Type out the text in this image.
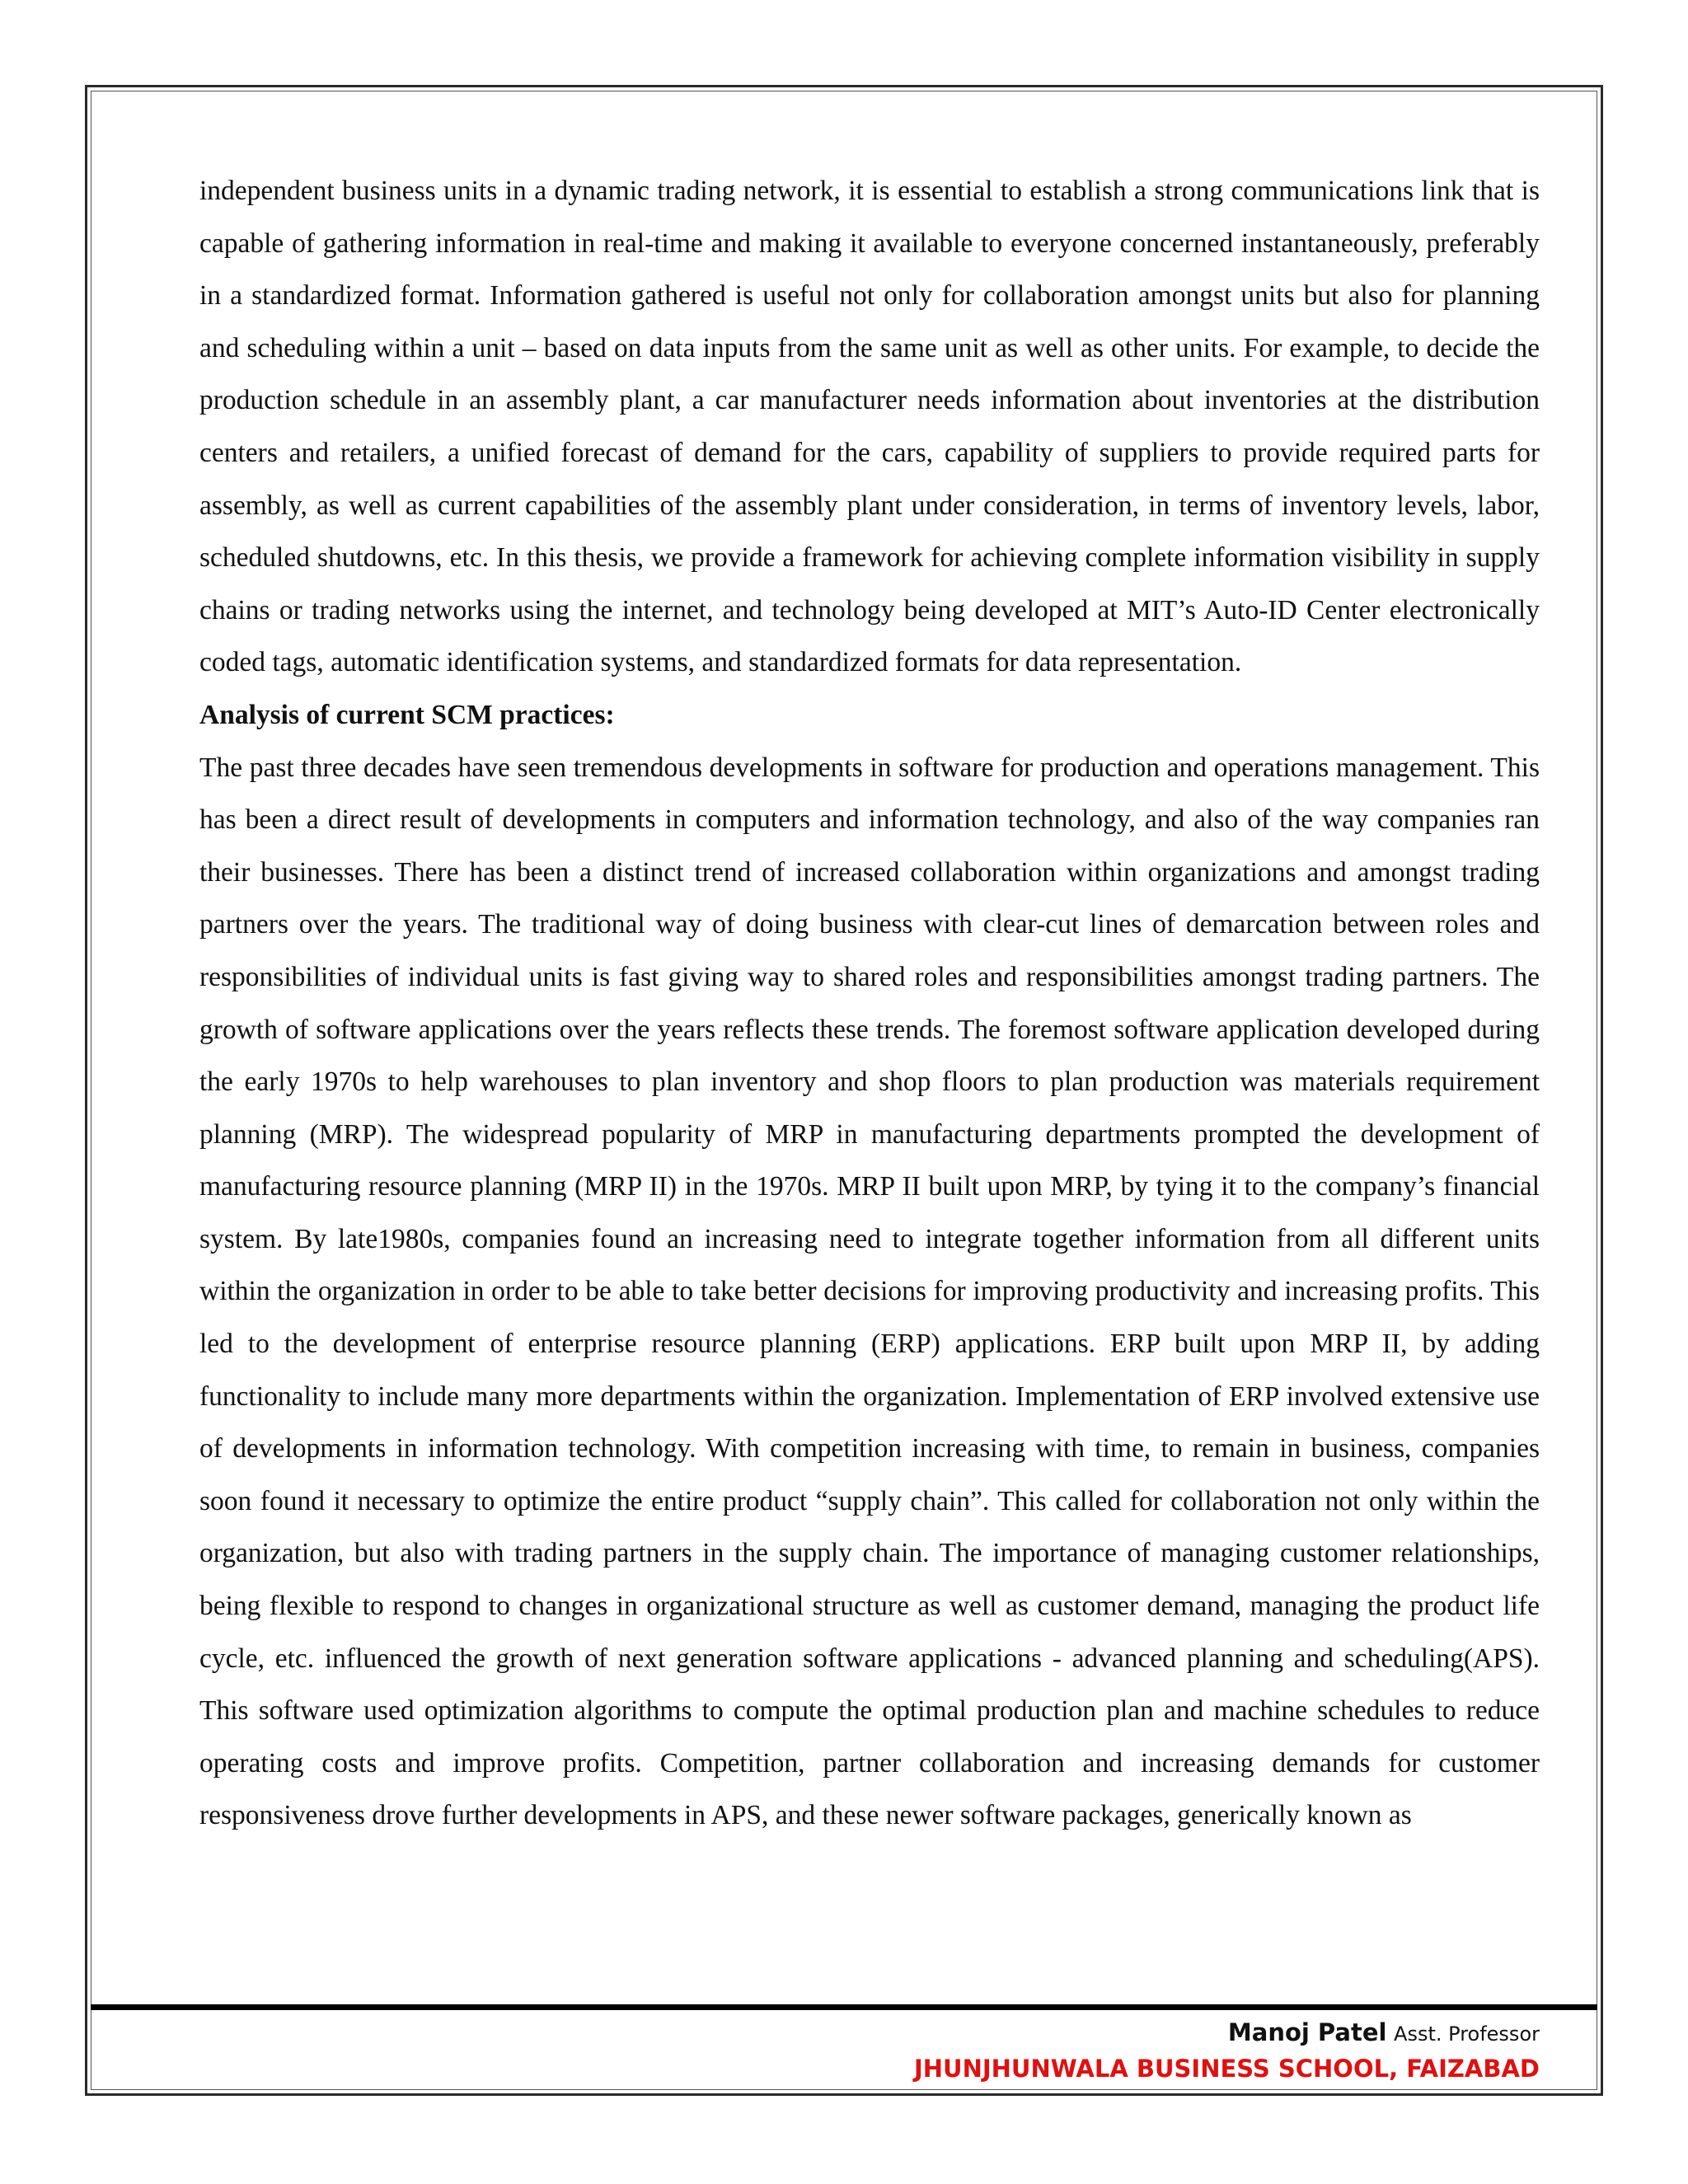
independent business units in a dynamic trading network, it is essential to establish a strong communications link that is capable of gathering information in real-time and making it available to everyone concerned instantaneously, preferably in a standardized format. Information gathered is useful not only for collaboration amongst units but also for planning and scheduling within a unit – based on data inputs from the same unit as well as other units. For example, to decide the production schedule in an assembly plant, a car manufacturer needs information about inventories at the distribution centers and retailers, a unified forecast of demand for the cars, capability of suppliers to provide required parts for assembly, as well as current capabilities of the assembly plant under consideration, in terms of inventory levels, labor, scheduled shutdowns, etc. In this thesis, we provide a framework for achieving complete information visibility in supply chains or trading networks using the internet, and technology being developed at MIT’s Auto-ID Center electronically coded tags, automatic identification systems, and standardized formats for data representation.

Analysis of current SCM practices:

The past three decades have seen tremendous developments in software for production and operations management. This has been a direct result of developments in computers and information technology, and also of the way companies ran their businesses. There has been a distinct trend of increased collaboration within organizations and amongst trading partners over the years. The traditional way of doing business with clear-cut lines of demarcation between roles and responsibilities of individual units is fast giving way to shared roles and responsibilities amongst trading partners. The growth of software applications over the years reflects these trends. The foremost software application developed during the early 1970s to help warehouses to plan inventory and shop floors to plan production was materials requirement planning (MRP). The widespread popularity of MRP in manufacturing departments prompted the development of manufacturing resource planning (MRP II) in the 1970s. MRP II built upon MRP, by tying it to the company’s financial system. By late1980s, companies found an increasing need to integrate together information from all different units within the organization in order to be able to take better decisions for improving productivity and increasing profits. This led to the development of enterprise resource planning (ERP) applications. ERP built upon MRP II, by adding functionality to include many more departments within the organization. Implementation of ERP involved extensive use of developments in information technology. With competition increasing with time, to remain in business, companies soon found it necessary to optimize the entire product “supply chain”. This called for collaboration not only within the organization, but also with trading partners in the supply chain. The importance of managing customer relationships, being flexible to respond to changes in organizational structure as well as customer demand, managing the product life cycle, etc. influenced the growth of next generation software applications - advanced planning and scheduling(APS). This software used optimization algorithms to compute the optimal production plan and machine schedules to reduce operating costs and improve profits. Competition, partner collaboration and increasing demands for customer responsiveness drove further developments in APS, and these newer software packages, generically known as

Manoj Patel Asst. Professor
JHUNJHUNWALA BUSINESS SCHOOL, FAIZABAD
